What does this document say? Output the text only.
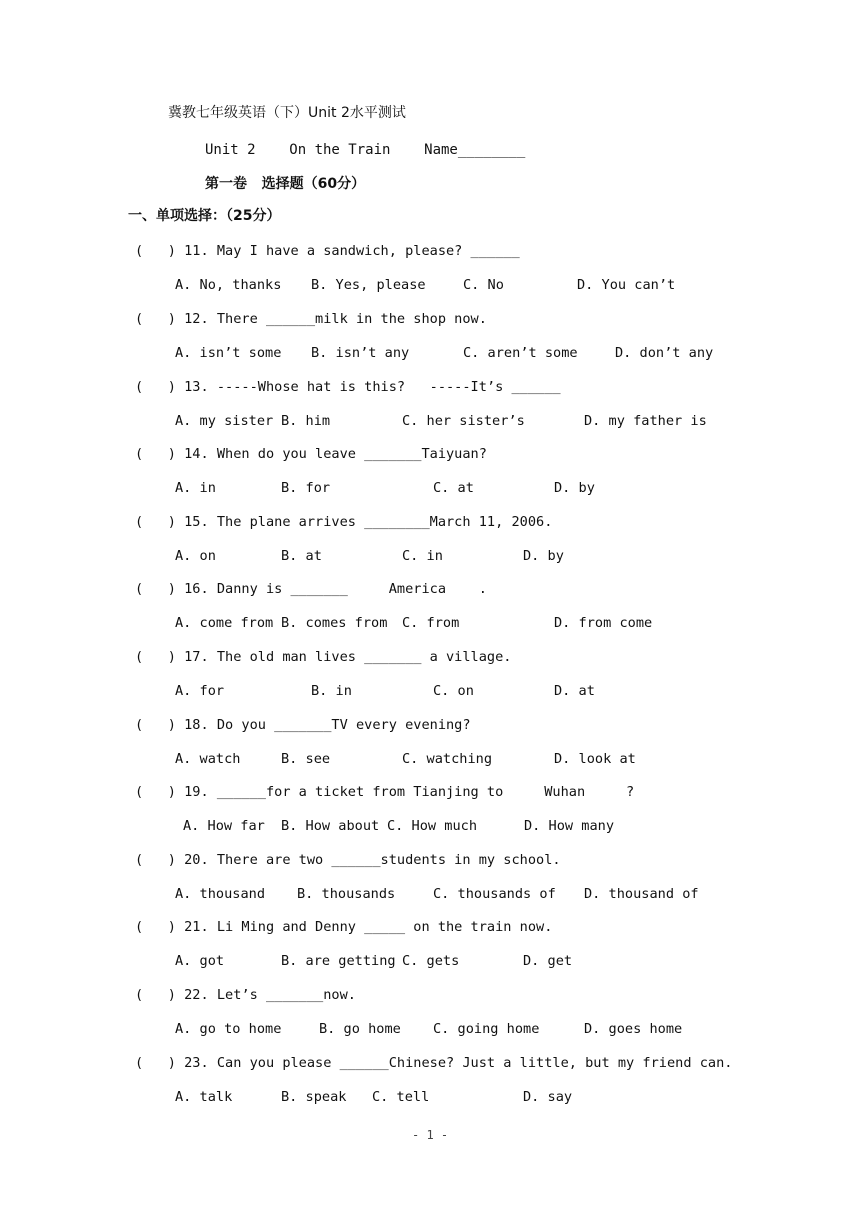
冀教七年级英语（下）Unit 2水平测试
Unit 2    On the Train    Name________
第一卷   选择题（60分）
一、单项选择：（25分）
(   ) 11. May I have a sandwich, please? ______
A. No, thanks B. Yes, please	C. No	D. You can’t
(   ) 12. There ______milk in the shop now.
A. isn’t some B. isn’t any	C. aren’t some	D. don’t any
(   ) 13. -----Whose hat is this?   -----It’s ______
A. my sister B. him	C. her sister’s	D. my father is
(   ) 14. When do you leave _______Taiyuan?
A. in	B. for	C. at	D. by
(   ) 15. The plane arrives ________March 11, 2006.
A. on	B. at	C. in	D. by
(   ) 16. Danny is _______     America    .
A. come from B. comes from C. from	D. from come
(   ) 17. The old man lives _______ a village.
A. for	B. in	C. on	D. at
(   ) 18. Do you _______TV every evening?
A. watch	B. see	C. watching	D. look at
(   ) 19. ______for a ticket from Tianjing to     Wuhan     ?
A. How far B. How about C. How much	D. How many
(   ) 20. There are two ______students in my school.
A. thousand B. thousands	C. thousands of D. thousand of
(   ) 21. Li Ming and Denny _____ on the train now.
A. got	B. are getting C. gets	D. get
(   ) 22. Let’s _______now.
A. go to home	B. go home C. going home	D. goes home
(   ) 23. Can you please ______Chinese? Just a little, but my friend can.
A. talk	B. speak C. tell	D. say
- 1 -
